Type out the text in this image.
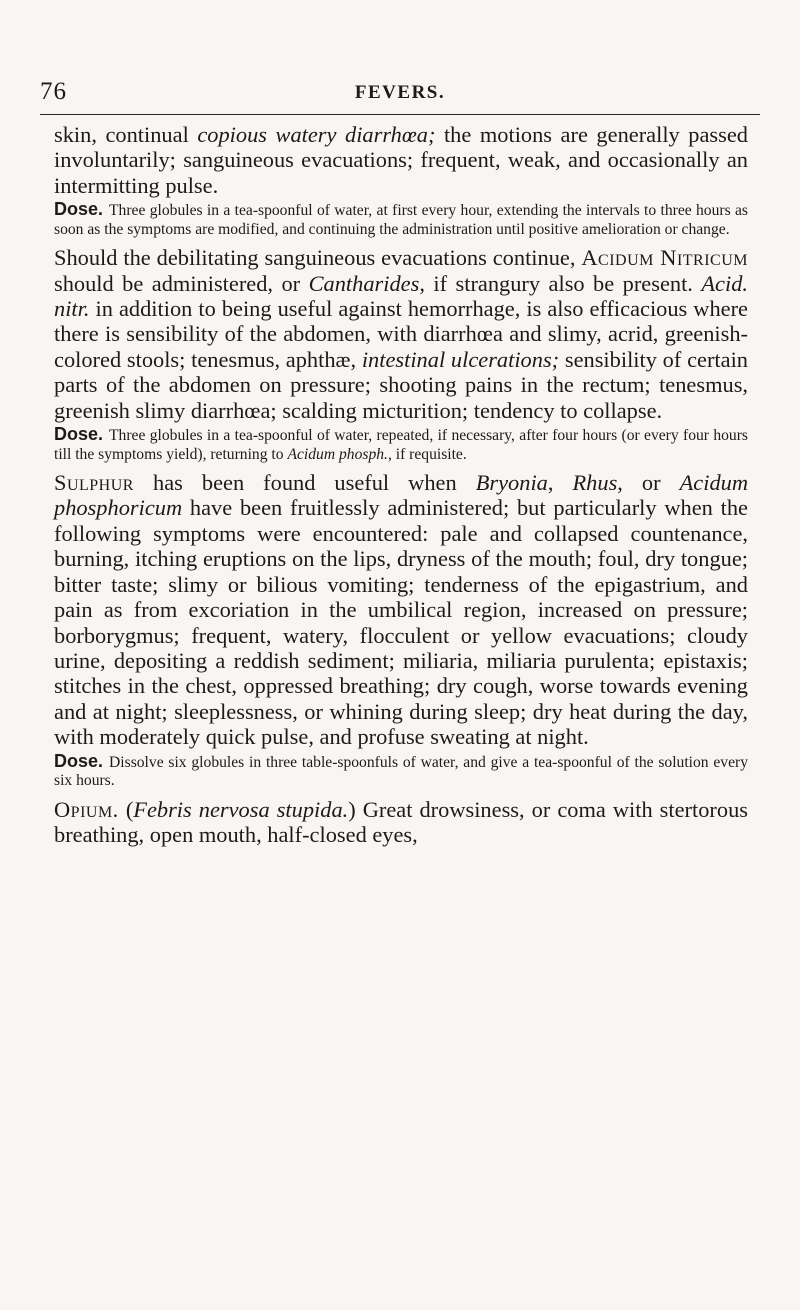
76	FEVERS.

skin, continual copious watery diarrhœa; the motions are generally passed involuntarily; sanguineous evacuations; frequent, weak, and occasionally an intermitting pulse.

Dose. Three globules in a tea-spoonful of water, at first every hour, extending the intervals to three hours as soon as the symptoms are modified, and continuing the administration until positive amelioration or change.

Should the debilitating sanguineous evacuations continue, Acidum Nitricum should be administered, or Cantharides, if strangury also be present. Acid. nitr. in addition to being useful against hemorrhage, is also efficacious where there is sensibility of the abdomen, with diarrhœa and slimy, acrid, greenish-colored stools; tenesmus, aphthæ, intestinal ulcerations; sensibility of certain parts of the abdomen on pressure; shooting pains in the rectum; tenesmus, greenish slimy diarrhœa; scalding micturition; tendency to collapse.

Dose. Three globules in a tea-spoonful of water, repeated, if necessary, after four hours (or every four hours till the symptoms yield), returning to Acidum phosph., if requisite.

Sulphur has been found useful when Bryonia, Rhus, or Acidum phosphoricum have been fruitlessly administered; but particularly when the following symptoms were encountered: pale and collapsed countenance, burning, itching eruptions on the lips, dryness of the mouth; foul, dry tongue; bitter taste; slimy or bilious vomiting; tenderness of the epigastrium, and pain as from excoriation in the umbilical region, increased on pressure; borborygmus; frequent, watery, flocculent or yellow evacuations; cloudy urine, depositing a reddish sediment; miliaria, miliaria purulenta; epistaxis; stitches in the chest, oppressed breathing; dry cough, worse towards evening and at night; sleeplessness, or whining during sleep; dry heat during the day, with moderately quick pulse, and profuse sweating at night.

Dose. Dissolve six globules in three table-spoonfuls of water, and give a tea-spoonful of the solution every six hours.

Opium. (Febris nervosa stupida.) Great drowsiness, or coma with stertorous breathing, open mouth, half-closed eyes,
